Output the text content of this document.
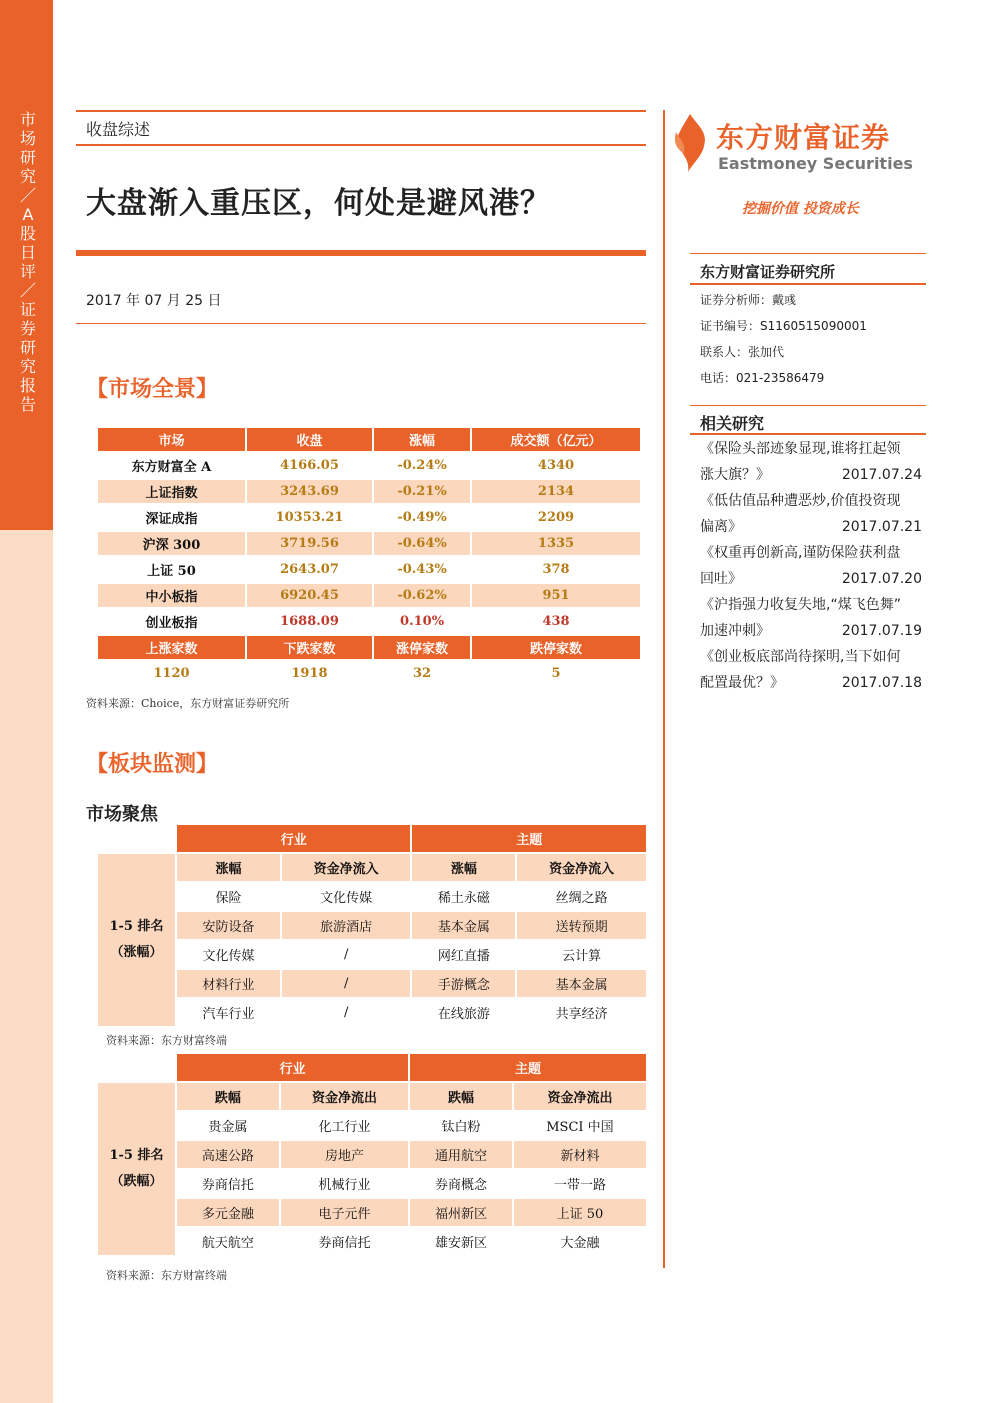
市场研究／A股日评／证券研究报告
收盘综述
大盘渐入重压区，何处是避风港？
2017 年 07 月 25 日
【市场全景】
市场	收盘	涨幅	成交额（亿元）
东方财富全 A	4166.05	-0.24%	4340
上证指数	3243.69	-0.21%	2134
深证成指	10353.21	-0.49%	2209
沪深 300	3719.56	-0.64%	1335
上证 50	2643.07	-0.43%	378
中小板指	6920.45	-0.62%	951
创业板指	1688.09	0.10%	438
上涨家数	下跌家数	涨停家数	跌停家数
1120	1918	32	5
资料来源：Choice，东方财富证券研究所
【板块监测】
市场聚焦
	行业		主题	
1-5 排名
（涨幅）	涨幅	资金净流入	涨幅	资金净流入
	保险	文化传媒	稀土永磁	丝绸之路
	安防设备	旅游酒店	基本金属	送转预期
	文化传媒	/	网红直播	云计算
	材料行业	/	手游概念	基本金属
	汽车行业	/	在线旅游	共享经济
资料来源：东方财富终端
	行业		主题	
1-5 排名
（跌幅）	跌幅	资金净流出	跌幅	资金净流出
	贵金属	化工行业	钛白粉	MSCI 中国
	高速公路	房地产	通用航空	新材料
	券商信托	机械行业	券商概念	一带一路
	多元金融	电子元件	福州新区	上证 50
	航天航空	券商信托	雄安新区	大金融
资料来源：东方财富终端
东方财富证券
Eastmoney Securities
挖掘价值 投资成长
东方财富证券研究所
证券分析师：戴彧
证书编号：S1160515090001
联系人：张加代
电话：021-23586479
相关研究
《保险头部迹象显现,谁将扛起领
涨大旗？》	2017.07.24
《低估值品种遭恶炒,价值投资现
偏离》	2017.07.21
《权重再创新高,谨防保险获利盘
回吐》	2017.07.20
《沪指强力收复失地,“煤飞色舞”
加速冲刺》	2017.07.19
《创业板底部尚待探明,当下如何
配置最优？》	2017.07.18
